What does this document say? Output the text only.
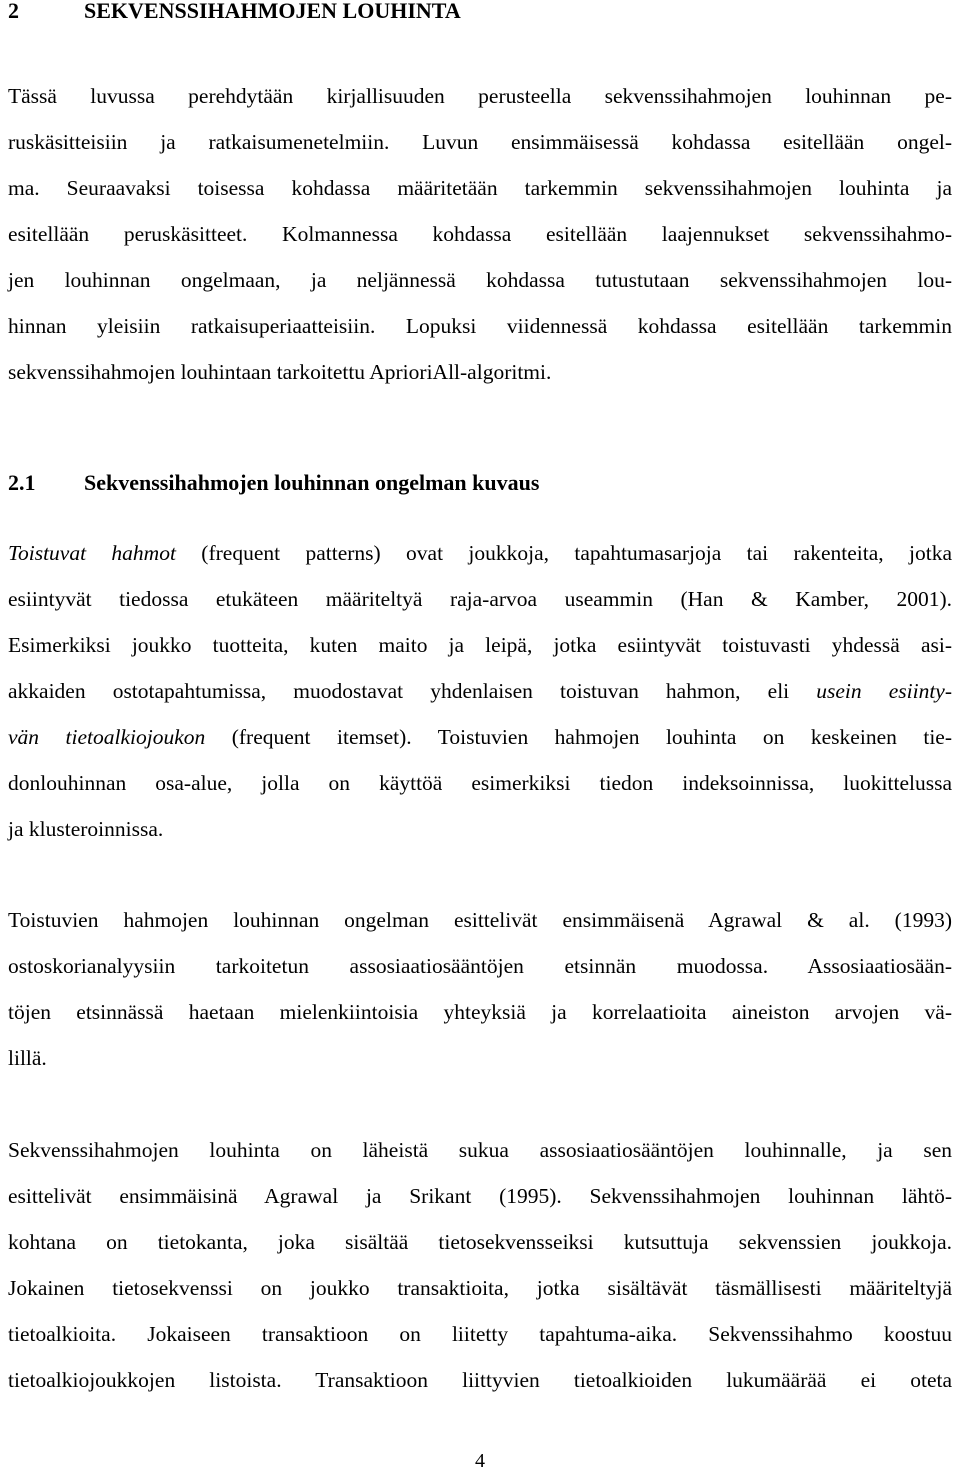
2	SEKVENSSIHAHMOJEN LOUHINTA

Tässä luvussa perehdytään kirjallisuuden perusteella sekvenssihahmojen louhinnan pe-
ruskäsitteisiin ja ratkaisumenetelmiin. Luvun ensimmäisessä kohdassa esitellään ongel-
ma. Seuraavaksi toisessa kohdassa määritetään tarkemmin sekvenssihahmojen louhinta ja
esitellään peruskäsitteet. Kolmannessa kohdassa esitellään laajennukset sekvenssihahmo-
jen louhinnan ongelmaan, ja neljännessä kohdassa tutustutaan sekvenssihahmojen lou-
hinnan yleisiin ratkaisuperiaatteisiin. Lopuksi viidennessä kohdassa esitellään tarkemmin
sekvenssihahmojen louhintaan tarkoitettu AprioriAll-algoritmi.

2.1 Sekvenssihahmojen louhinnan ongelman kuvaus

Toistuvat hahmot (frequent patterns) ovat joukkoja, tapahtumasarjoja tai rakenteita, jotka
esiintyvät tiedossa etukäteen määriteltyä raja-arvoa useammin (Han & Kamber, 2001).
Esimerkiksi joukko tuotteita, kuten maito ja leipä, jotka esiintyvät toistuvasti yhdessä asi-
akkaiden ostotapahtumissa, muodostavat yhdenlaisen toistuvan hahmon, eli usein esiinty-
vän tietoalkiojoukon (frequent itemset). Toistuvien hahmojen louhinta on keskeinen tie-
donlouhinnan osa-alue, jolla on käyttöä esimerkiksi tiedon indeksoinnissa, luokittelussa
ja klusteroinnissa.

Toistuvien hahmojen louhinnan ongelman esittelivät ensimmäisenä Agrawal & al. (1993)
ostoskorianalyysiin tarkoitetun assosiaatiosääntöjen etsinnän muodossa. Assosiaatiosään-
töjen etsinnässä haetaan mielenkiintoisia yhteyksiä ja korrelaatioita aineiston arvojen vä-
lillä.

Sekvenssihahmojen louhinta on läheistä sukua assosiaatiosääntöjen louhinnalle, ja sen
esittelivät ensimmäisinä Agrawal ja Srikant (1995). Sekvenssihahmojen louhinnan lähtö-
kohtana on tietokanta, joka sisältää tietosekvensseiksi kutsuttuja sekvenssien joukkoja.
Jokainen tietosekvenssi on joukko transaktioita, jotka sisältävät täsmällisesti määriteltyjä
tietoalkioita. Jokaiseen transaktioon on liitetty tapahtuma-aika. Sekvenssihahmo koostuu
tietoalkiojoukkojen listoista. Transaktioon liittyvien tietoalkioiden lukumäärää ei oteta

4
